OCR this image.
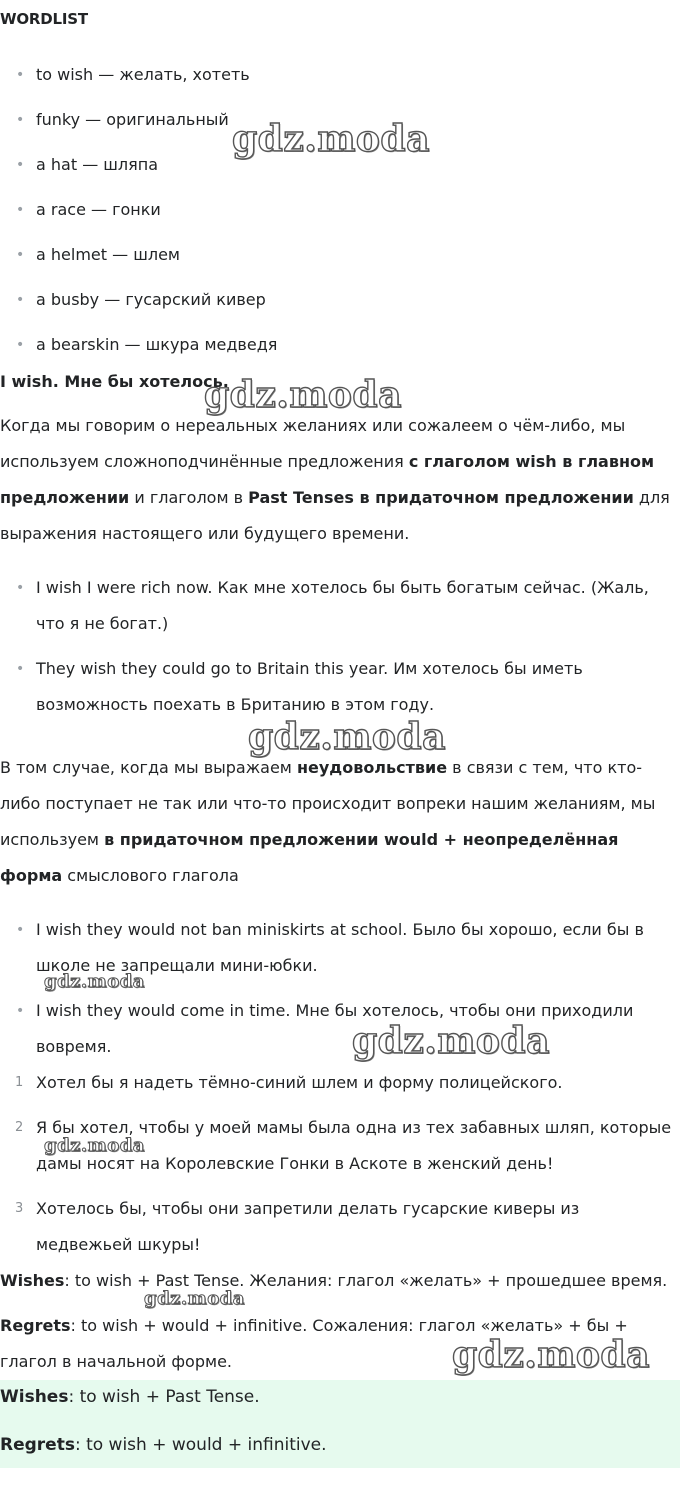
WORDLIST
• to wish — желать, хотеть
• funky — оригинальный
• a hat — шляпа
• a race — гонки
• a helmet — шлем
• a busby — гусарский кивер
• a bearskin — шкура медведя
I wish. Мне бы хотелось.
Когда мы говорим о нереальных желаниях или сожалеем о чём-либо, мы используем сложноподчинённые предложения с глаголом wish в главном предложении и глаголом в Past Tenses в придаточном предложении для выражения настоящего или будущего времени.
• I wish I were rich now. Как мне хотелось бы быть богатым сейчас. (Жаль, что я не богат.)
• They wish they could go to Britain this year. Им хотелось бы иметь возможность поехать в Британию в этом году.
В том случае, когда мы выражаем неудовольствие в связи с тем, что кто-либо поступает не так или что-то происходит вопреки нашим желаниям, мы используем в придаточном предложении would + неопределённая форма смыслового глагола
• I wish they would not ban miniskirts at school. Было бы хорошо, если бы в школе не запрещали мини-юбки.
• I wish they would come in time. Мне бы хотелось, чтобы они приходили вовремя.
1 Хотел бы я надеть тёмно-синий шлем и форму полицейского.
2 Я бы хотел, чтобы у моей мамы была одна из тех забавных шляп, которые дамы носят на Королевские Гонки в Аскоте в женский день!
3 Хотелось бы, чтобы они запретили делать гусарские киверы из медвежьей шкуры!
Wishes: to wish + Past Tense. Желания: глагол «желать» + прошедшее время.
Regrets: to wish + would + infinitive. Сожаления: глагол «желать» + бы + глагол в начальной форме.
Wishes: to wish + Past Tense.
Regrets: to wish + would + infinitive.
gdz.moda
gdz.moda
gdz.moda
gdz.moda
gdz.moda
gdz.moda
gdz.moda
gdz.moda
